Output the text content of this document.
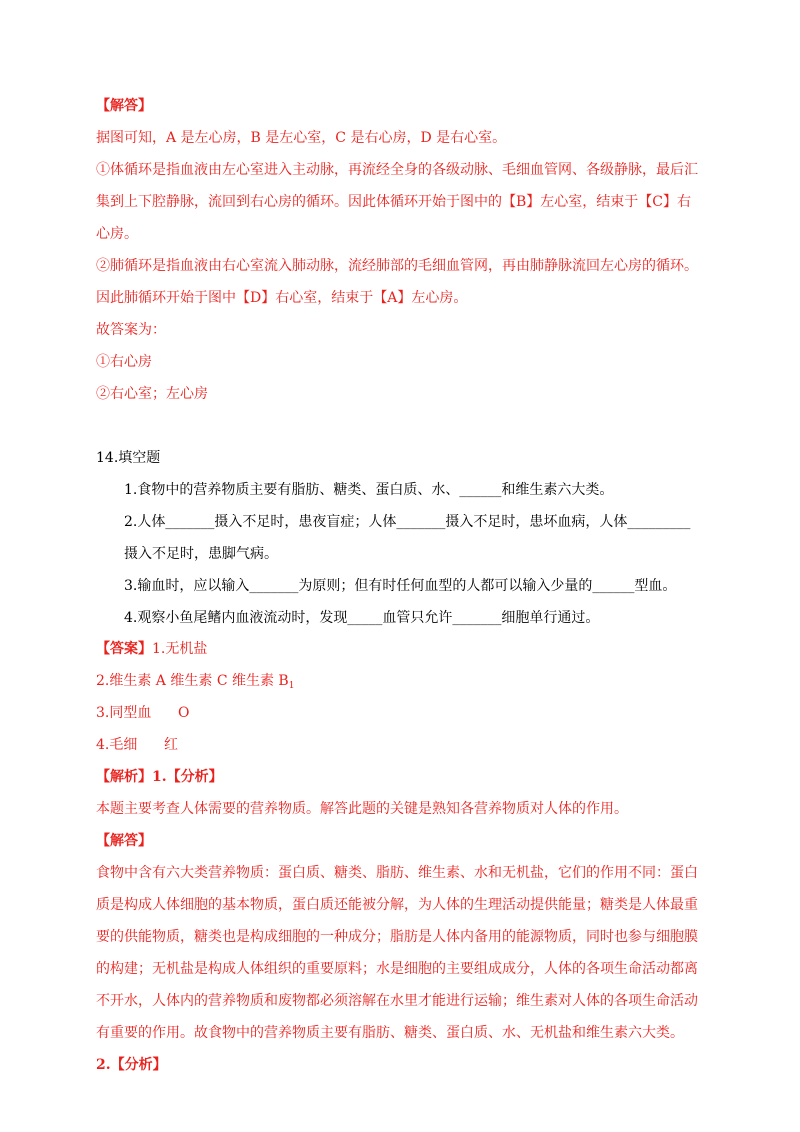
【解答】

据图可知，A 是左心房，B 是左心室，C 是右心房，D 是右心室。

①体循环是指血液由左心室进入主动脉，再流经全身的各级动脉、毛细血管网、各级静脉，最后汇

集到上下腔静脉，流回到右心房的循环。因此体循环开始于图中的【B】左心室，结束于【C】右

心房。

②肺循环是指血液由右心室流入肺动脉，流经肺部的毛细血管网，再由肺静脉流回左心房的循环。

因此肺循环开始于图中【D】右心室，结束于【A】左心房。

故答案为：

①右心房

②右心室；左心房

14.填空题

1.食物中的营养物质主要有脂肪、糖类、蛋白质、水、______和维生素六大类。

2.人体_______摄入不足时，患夜盲症；人体_______摄入不足时，患坏血病，人体_________

摄入不足时，患脚气病。

3.输血时，应以输入_______为原则；但有时任何血型的人都可以输入少量的______型血。

4.观察小鱼尾鳍内血液流动时，发现_____血管只允许_______细胞单行通过。

【答案】1.无机盐

2.维生素 A 维生素 C 维生素 $B_1$

3.同型血      O

4.毛细      红

【解析】1.【分析】

本题主要考查人体需要的营养物质。解答此题的关键是熟知各营养物质对人体的作用。

【解答】

食物中含有六大类营养物质：蛋白质、糖类、脂肪、维生素、水和无机盐，它们的作用不同：蛋白

质是构成人体细胞的基本物质，蛋白质还能被分解，为人体的生理活动提供能量；糖类是人体最重

要的供能物质，糖类也是构成细胞的一种成分；脂肪是人体内备用的能源物质，同时也参与细胞膜

的构建；无机盐是构成人体组织的重要原料；水是细胞的主要组成成分，人体的各项生命活动都离

不开水，人体内的营养物质和废物都必须溶解在水里才能进行运输；维生素对人体的各项生命活动

有重要的作用。故食物中的营养物质主要有脂肪、糖类、蛋白质、水、无机盐和维生素六大类。

2.【分析】
